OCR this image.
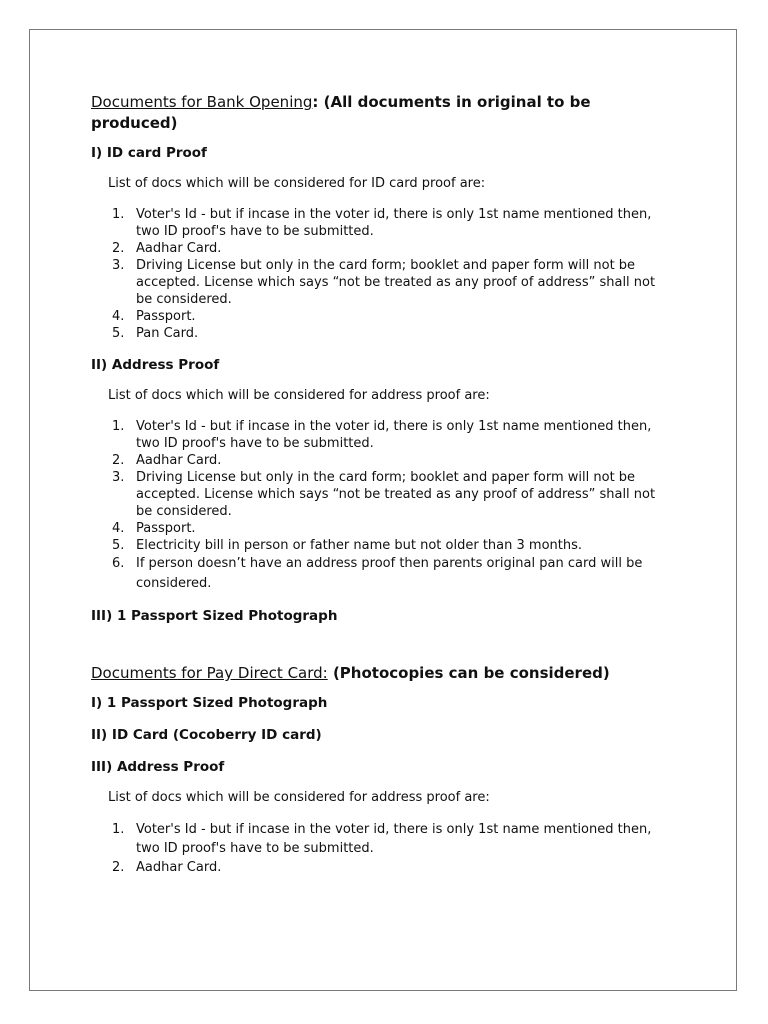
Documents for Bank Opening: (All documents in original to be produced)

I) ID card Proof

List of docs which will be considered for ID card proof are:

1. Voter's Id - but if incase in the voter id, there is only 1st name mentioned then, two ID proof's have to be submitted.
2. Aadhar Card.
3. Driving License but only in the card form; booklet and paper form will not be accepted. License which says “not be treated as any proof of address” shall not be considered.
4. Passport.
5. Pan Card.

II) Address Proof

List of docs which will be considered for address proof are:

1. Voter's Id - but if incase in the voter id, there is only 1st name mentioned then, two ID proof's have to be submitted.
2. Aadhar Card.
3. Driving License but only in the card form; booklet and paper form will not be accepted. License which says “not be treated as any proof of address” shall not be considered.
4. Passport.
5. Electricity bill in person or father name but not older than 3 months.
6. If person doesn’t have an address proof then parents original pan card will be considered.

III) 1 Passport Sized Photograph

Documents for Pay Direct Card: (Photocopies can be considered)

I) 1 Passport Sized Photograph

II) ID Card (Cocoberry ID card)

III) Address Proof

List of docs which will be considered for address proof are:

1. Voter's Id - but if incase in the voter id, there is only 1st name mentioned then, two ID proof's have to be submitted.
2. Aadhar Card.
